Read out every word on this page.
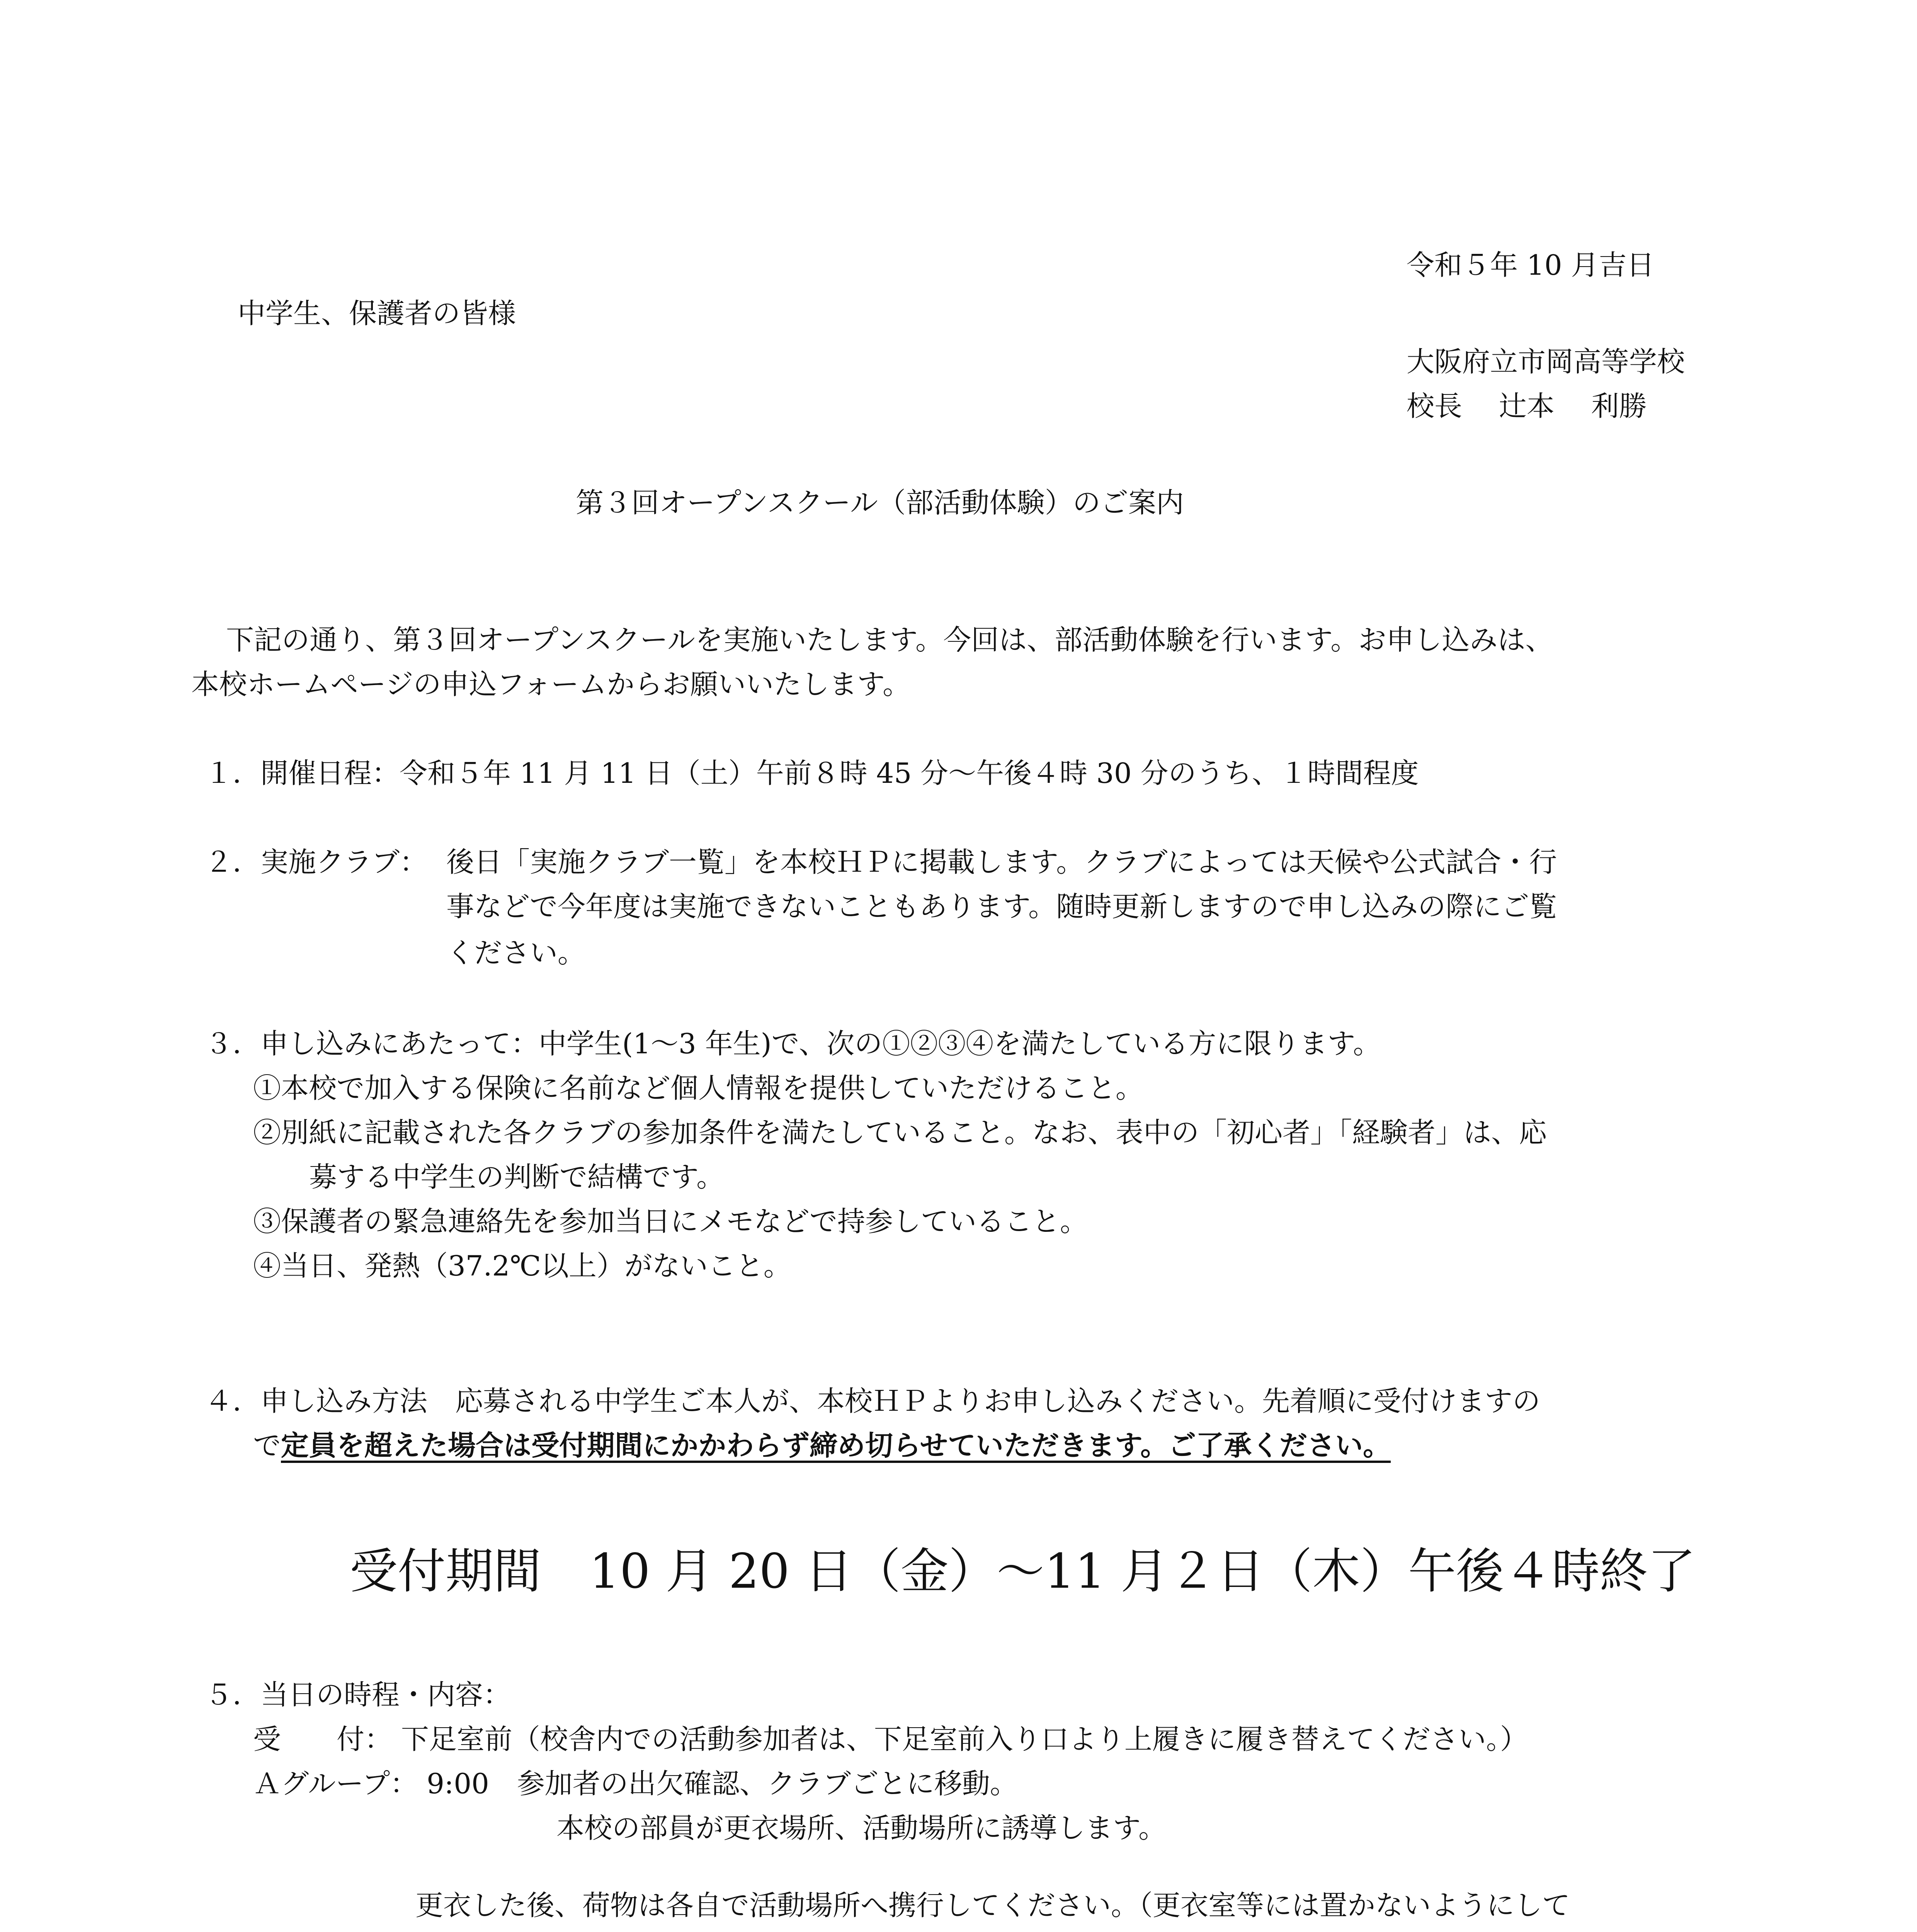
令和５年 10 月吉日
中学生、保護者の皆様
大阪府立市岡高等学校
校長　 辻本　 利勝
第３回オープンスクール（部活動体験）のご案内
下記の通り、第３回オープンスクールを実施いたします。今回は、部活動体験を行います。お申し込みは、
本校ホームページの申込フォームからお願いいたします。
１．開催日程：令和５年 11 月 11 日（土）午前８時 45 分〜午後４時 30 分のうち、１時間程度
２．実施クラブ： 後日「実施クラブ一覧」を本校ＨＰに掲載します。クラブによっては天候や公式試合・行
事などで今年度は実施できないこともあります。随時更新しますので申し込みの際にご覧
ください。
３．申し込みにあたって：中学生(1〜3 年生)で、次の①②③④を満たしている方に限ります。
①本校で加入する保険に名前など個人情報を提供していただけること。
②別紙に記載された各クラブの参加条件を満たしていること。なお、表中の「初心者」「経験者」は、応
募する中学生の判断で結構です。
③保護者の緊急連絡先を参加当日にメモなどで持参していること。
④当日、発熱（37.2℃以上）がないこと。
４．申し込み方法　応募される中学生ご本人が、本校ＨＰよりお申し込みください。先着順に受付けますの
で定員を超えた場合は受付期間にかかわらず締め切らせていただきます。ご了承ください。
受付期間　10 月 20 日（金）〜11 月２日（木）午後４時終了
５．当日の時程・内容：
受　　付： 下足室前（校舎内での活動参加者は、下足室前入り口より上履きに履き替えてください。）
Ａグループ： 9:00　参加者の出欠確認、クラブごとに移動。
本校の部員が更衣場所、活動場所に誘導します。
更衣した後、荷物は各自で活動場所へ携行してください。（更衣室等には置かないようにして
